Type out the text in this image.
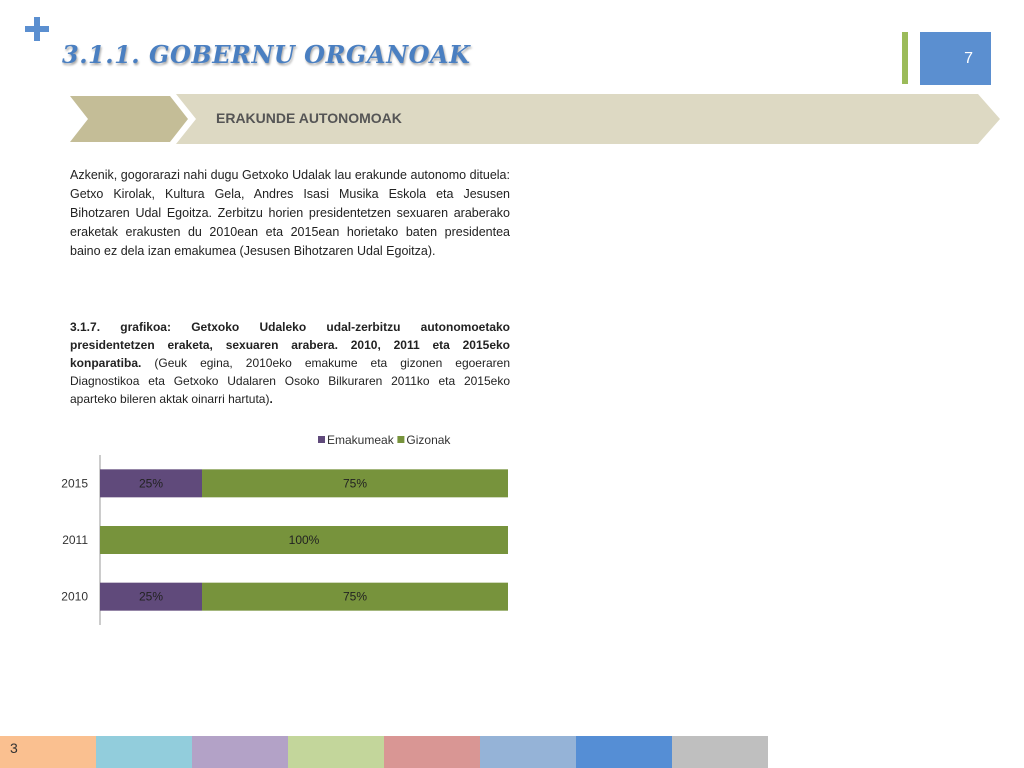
3.1.1. GOBERNU ORGANOAK	7
ERAKUNDE AUTONOMOAK
Azkenik, gogorarazi nahi dugu Getxoko Udalak lau erakunde autonomo dituela: Getxo Kirolak, Kultura Gela, Andres Isasi Musika Eskola eta Jesusen Bihotzaren Udal Egoitza. Zerbitzu horien presidentetzen sexuaren araberako eraketak erakusten du 2010ean eta 2015ean horietako baten presidentea baino ez dela izan emakumea (Jesusen Bihotzaren Udal Egoitza).
3.1.7. grafikoa: Getxoko Udaleko udal-zerbitzu autonomoetako presidentetzen eraketa, sexuaren arabera. 2010, 2011 eta 2015eko konparatiba. (Geuk egina, 2010eko emakume eta gizonen egoeraren Diagnostikoa eta Getxoko Udalaren Osoko Bilkuraren 2011ko eta 2015eko aparteko bileren aktak oinarri hartuta).
Emakumeak Gizonak
2015	25%	75%
2011	100%
2010	25%	75%
3
